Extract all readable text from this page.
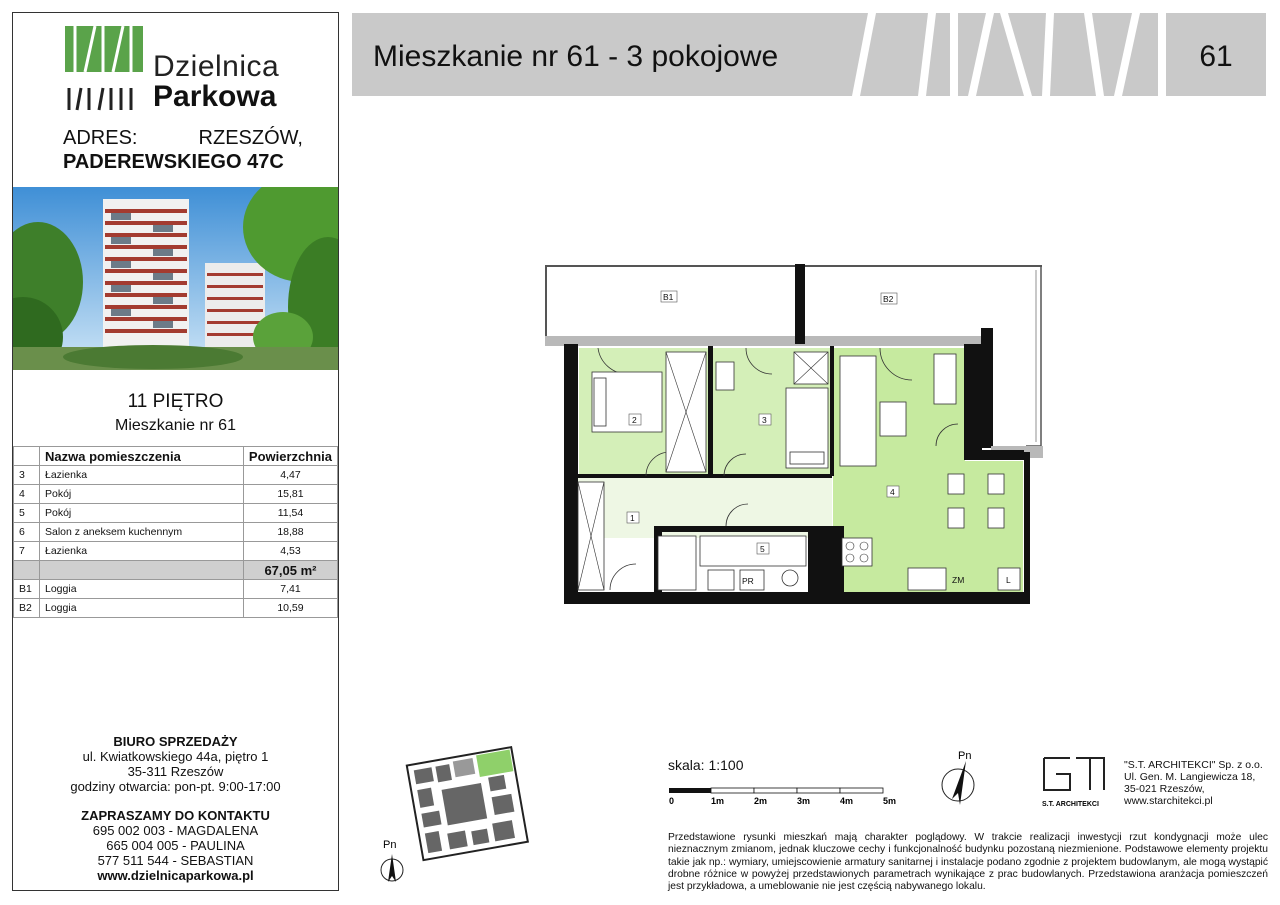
Dzielnica
Parkowa
ADRES:	RZESZÓW,
PADEREWSKIEGO 47C
11 PIĘTRO
Mieszkanie nr 61
	Nazwa pomieszczenia	Powierzchnia
3	Łazienka	4,47
4	Pokój	15,81
5	Pokój	11,54
6	Salon z aneksem kuchennym	18,88
7	Łazienka	4,53
		67,05 m²
B1	Loggia	7,41
B2	Loggia	10,59
BIURO SPRZEDAŻY
ul. Kwiatkowskiego 44a, piętro 1
35-311 Rzeszów
godziny otwarcia: pon-pt. 9:00-17:00
ZAPRASZAMY DO KONTAKTU
695 002 003 - MAGDALENA
665 004 005 - PAULINA
577 511 544 - SEBASTIAN
www.dzielnicaparkowa.pl
Mieszkanie nr 61 - 3 pokojowe	61
B1	B2
2	3
4
1
5
PR	ZM	L
Pn
skala: 1:100
0	1m	2m	3m	4m	5m
Pn
S.T. ARCHITEKCI
"S.T. ARCHITEKCI" Sp. z o.o.
Ul. Gen. M. Langiewicza 18,
35-021 Rzeszów,
www.starchitekci.pl
Przedstawione rysunki mieszkań mają charakter poglądowy. W trakcie realizacji inwestycji rzut kondygnacji może ulec nieznacznym zmianom, jednak kluczowe cechy i funkcjonalność budynku pozostaną niezmienione. Podstawowe elementy projektu takie jak np.: wymiary, umiejscowienie armatury sanitarnej i instalacje podano zgodnie z projektem budowlanym, ale mogą wystąpić drobne różnice w powyżej przedstawionych parametrach wynikające z prac budowlanych. Przedstawiona aranżacja pomieszczeń jest przykładowa, a umeblowanie nie jest częścią nabywanego lokalu.
